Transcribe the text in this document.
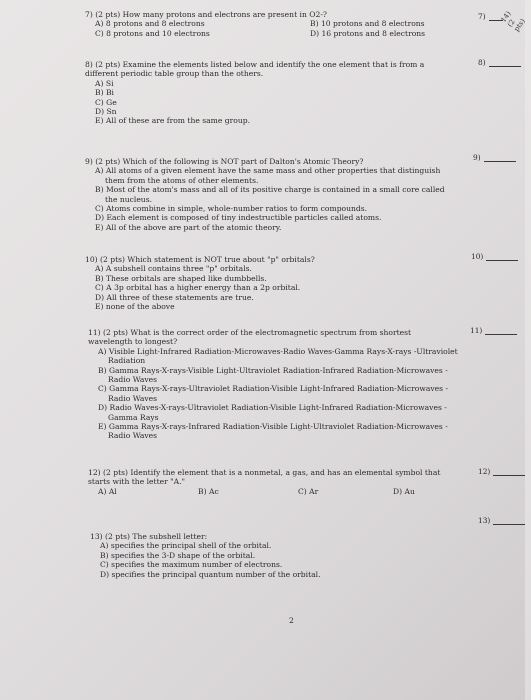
14) (2 pts)
7) (2 pts) How many protons and electrons are present in O2-?
A) 8 protons and 8 electrons	B) 10 protons and 8 electrons
C) 8 protons and 10 electrons	D) 16 protons and 8 electrons
7)
8) (2 pts) Examine the elements listed below and identify the one element that is from a different periodic table group than the others.
A) Si
B) Bi
C) Ge
D) Sn
E) All of these are from the same group.
8)
9) (2 pts) Which of the following is NOT part of Dalton's Atomic Theory?
A) All atoms of a given element have the same mass and other properties that distinguish them from the atoms of other elements.
B) Most of the atom's mass and all of its positive charge is contained in a small core called the nucleus.
C) Atoms combine in simple, whole-number ratios to form compounds.
D) Each element is composed of tiny indestructible particles called atoms.
E) All of the above are part of the atomic theory.
9)
10) (2 pts) Which statement is NOT true about "p" orbitals?
A) A subshell contains three "p" orbitals.
B) These orbitals are shaped like dumbbells.
C) A 3p orbital has a higher energy than a 2p orbital.
D) All three of these statements are true.
E) none of the above
10)
11) (2 pts) What is the correct order of the electromagnetic spectrum from shortest wavelength to longest?
A) Visible Light-Infrared Radiation-Microwaves-Radio Waves-Gamma Rays-X-rays -Ultraviolet Radiation
B) Gamma Rays-X-rays-Visible Light-Ultraviolet Radiation-Infrared Radiation-Microwaves -Radio Waves
C) Gamma Rays-X-rays-Ultraviolet Radiation-Visible Light-Infrared Radiation-Microwaves -Radio Waves
D) Radio Waves-X-rays-Ultraviolet Radiation-Visible Light-Infrared Radiation-Microwaves -Gamma Rays
E) Gamma Rays-X-rays-Infrared Radiation-Visible Light-Ultraviolet Radiation-Microwaves -Radio Waves
11)
12) (2 pts) Identify the element that is a nonmetal, a gas, and has an elemental symbol that starts with the letter "A."
A) Al	B) Ac	C) Ar	D) Au
12)
13) (2 pts) The subshell letter:
A) specifies the principal shell of the orbital.
B) specifies the 3-D shape of the orbital.
C) specifies the maximum number of electrons.
D) specifies the principal quantum number of the orbital.
13)
2
